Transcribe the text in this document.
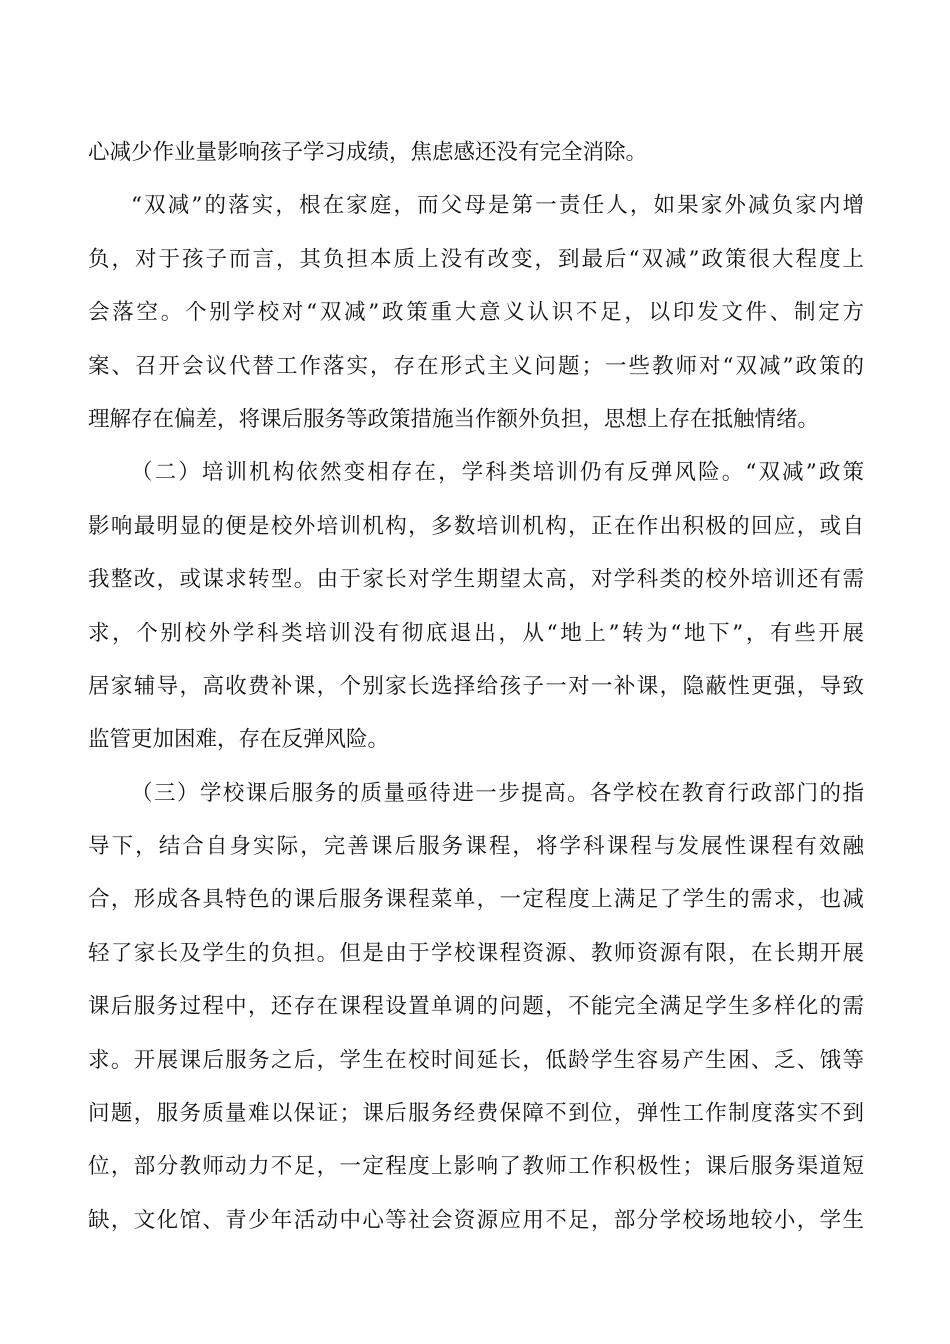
心减少作业量影响孩子学习成绩，焦虑感还没有完全消除。
“双减”的落实，根在家庭，而父母是第一责任人，如果家外减负家内增
负，对于孩子而言，其负担本质上没有改变，到最后“双减”政策很大程度上
会落空。个别学校对“双减”政策重大意义认识不足，以印发文件、制定方
案、召开会议代替工作落实，存在形式主义问题；一些教师对“双减”政策的
理解存在偏差，将课后服务等政策措施当作额外负担，思想上存在抵触情绪。
（二）培训机构依然变相存在，学科类培训仍有反弹风险。“双减”政策
影响最明显的便是校外培训机构，多数培训机构，正在作出积极的回应，或自
我整改，或谋求转型。由于家长对学生期望太高，对学科类的校外培训还有需
求，个别校外学科类培训没有彻底退出，从“地上”转为“地下”，有些开展
居家辅导，高收费补课，个别家长选择给孩子一对一补课，隐蔽性更强，导致
监管更加困难，存在反弹风险。
（三）学校课后服务的质量亟待进一步提高。各学校在教育行政部门的指
导下，结合自身实际，完善课后服务课程，将学科课程与发展性课程有效融
合，形成各具特色的课后服务课程菜单，一定程度上满足了学生的需求，也减
轻了家长及学生的负担。但是由于学校课程资源、教师资源有限，在长期开展
课后服务过程中，还存在课程设置单调的问题，不能完全满足学生多样化的需
求。开展课后服务之后，学生在校时间延长，低龄学生容易产生困、乏、饿等
问题，服务质量难以保证；课后服务经费保障不到位，弹性工作制度落实不到
位，部分教师动力不足，一定程度上影响了教师工作积极性；课后服务渠道短
缺，文化馆、青少年活动中心等社会资源应用不足，部分学校场地较小，学生
